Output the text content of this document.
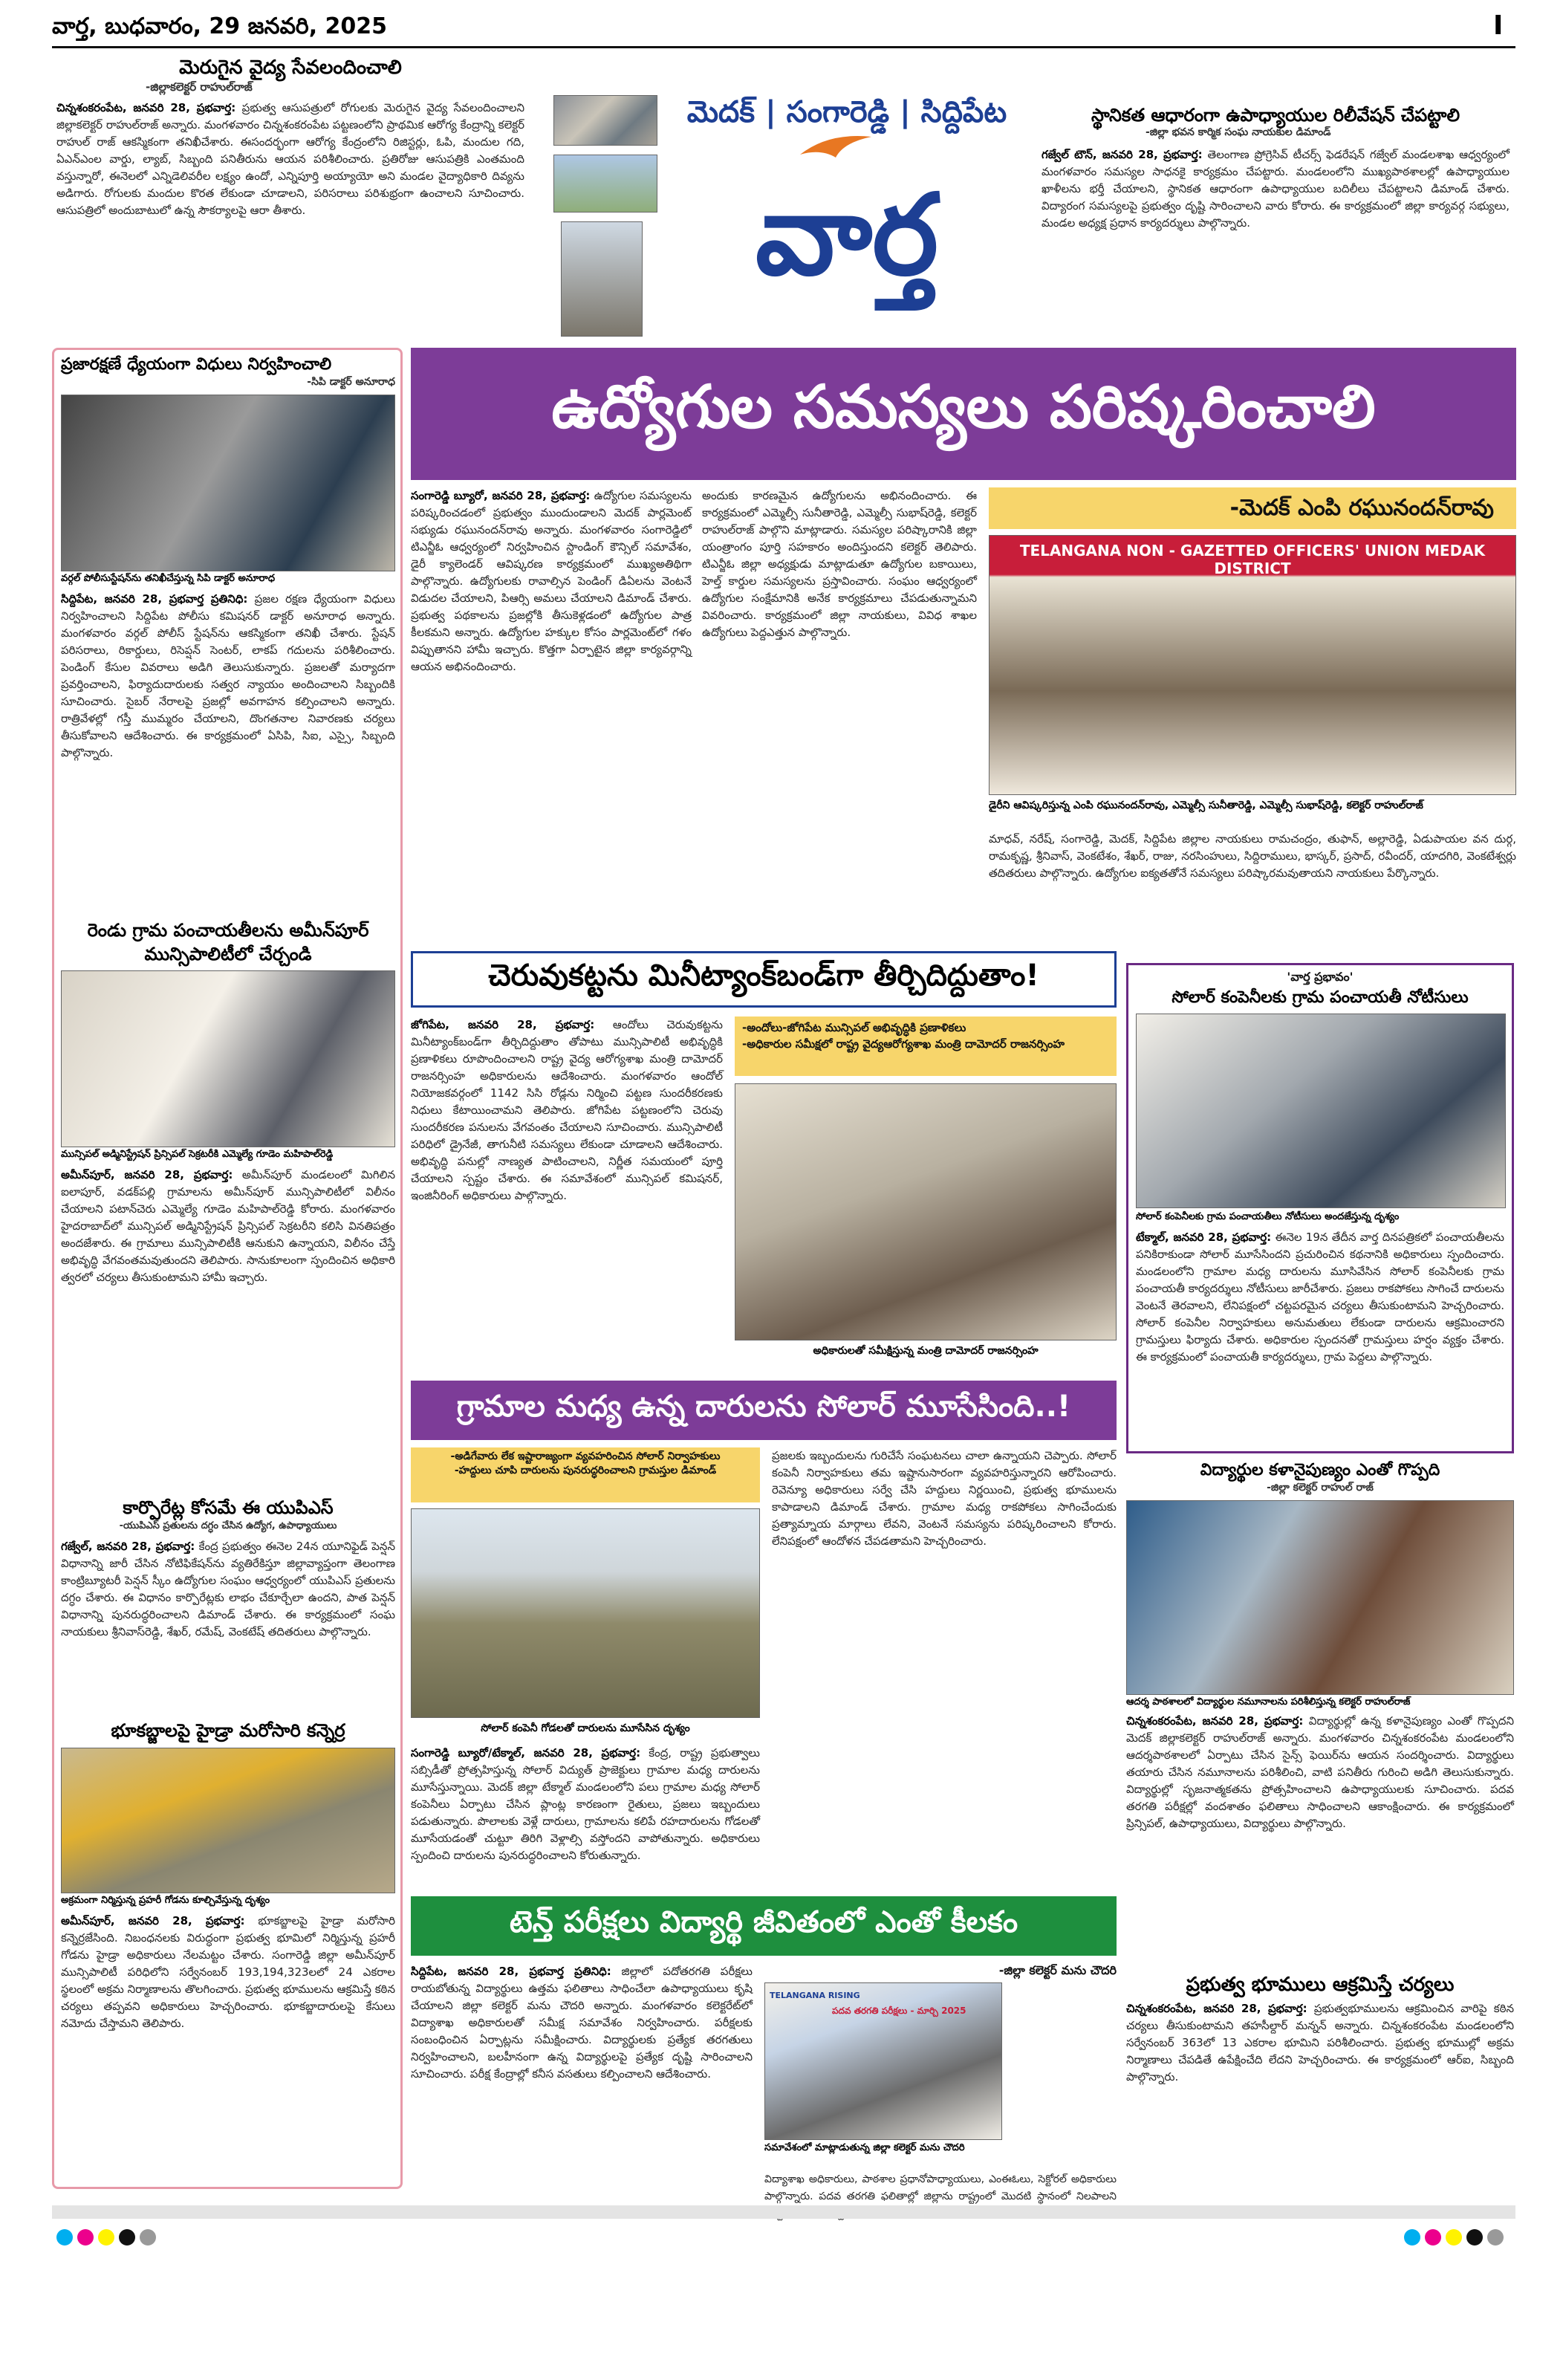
వార్త, బుధవారం, 29 జనవరి, 2025	I
మెరుగైన వైద్య సేవలందించాలి
-జిల్లాకలెక్టర్ రాహుల్‌రాజ్
చిన్నశంకరంపేట, జనవరి 28, ప్రభవార్త: ప్రభుత్వ ఆసుపత్రులో రోగులకు మెరుగైన వైద్య సేవలందించాలని జిల్లాకలెక్టర్ రాహుల్‌రాజ్ అన్నారు. మంగళవారం చిన్నశంకరంపేట పట్టణంలోని ప్రాథమిక ఆరోగ్య కేంద్రాన్ని కలెక్టర్ రాహుల్ రాజ్ ఆకస్మికంగా తనిఖీచేశారు. ఈసందర్భంగా ఆరోగ్య కేంద్రంలోని రిజిస్టర్లు, ఓపి, మందుల గది, ఏఎన్ఎంల వార్డు, ల్యాబ్, సిబ్బంది పనితీరును ఆయన పరిశీలించారు. ప్రతిరోజు ఆసుపత్రికి ఎంతమంది వస్తున్నారో, ఈనెలలో ఎన్నిడెలివరీల లక్ష్యం ఉందో, ఎన్నిపూర్తి అయ్యాయో అని మండల వైద్యాధికారి దివ్యను అడిగారు. రోగులకు మందుల కొరత లేకుండా చూడాలని, పరిసరాలు పరిశుభ్రంగా ఉంచాలని సూచించారు. ఆసుపత్రిలో అందుబాటులో ఉన్న సౌకర్యాలపై ఆరా తీశారు.
మెదక్ | సంగారెడ్డి | సిద్దిపేట
వార్త
స్థానికత ఆధారంగా ఉపాధ్యాయుల రిలీవేషన్ చేపట్టాలి
-జిల్లా భవన కార్మిక సంఘ నాయకుల డిమాండ్
గజ్వేల్ టౌన్, జనవరి 28, ప్రభవార్త: తెలంగాణ ప్రోగ్రెసివ్ టీచర్స్ ఫెడరేషన్ గజ్వేల్ మండలశాఖ ఆధ్వర్యంలో మంగళవారం సమస్యల సాధనకై కార్యక్రమం చేపట్టారు. మండలంలోని ముఖ్యపాఠశాలల్లో ఉపాధ్యాయుల ఖాళీలను భర్తీ చేయాలని, స్థానికత ఆధారంగా ఉపాధ్యాయుల బదిలీలు చేపట్టాలని డిమాండ్ చేశారు. విద్యారంగ సమస్యలపై ప్రభుత్వం దృష్టి సారించాలని వారు కోరారు. ఈ కార్యక్రమంలో జిల్లా కార్యవర్గ సభ్యులు, మండల అధ్యక్ష ప్రధాన కార్యదర్శులు పాల్గొన్నారు.
ప్రజారక్షణే ధ్యేయంగా విధులు నిర్వహించాలి
-సిపి డాక్టర్ అనూరాధ
వర్గల్ పోలీసుస్టేషన్‌ను తనిఖీచేస్తున్న సిపి డాక్టర్ అనూరాధ
సిద్దిపేట, జనవరి 28, ప్రభవార్త ప్రతినిధి: ప్రజల రక్షణ ధ్యేయంగా విధులు నిర్వహించాలని సిద్దిపేట పోలీసు కమిషనర్ డాక్టర్ అనూరాధ అన్నారు. మంగళవారం వర్గల్ పోలీస్ స్టేషన్‌ను ఆకస్మికంగా తనిఖీ చేశారు. స్టేషన్ పరిసరాలు, రికార్డులు, రిసెప్షన్ సెంటర్, లాకప్ గదులను పరిశీలించారు. పెండింగ్ కేసుల వివరాలు అడిగి తెలుసుకున్నారు. ప్రజలతో మర్యాదగా ప్రవర్తించాలని, ఫిర్యాదుదారులకు సత్వర న్యాయం అందించాలని సిబ్బందికి సూచించారు. సైబర్ నేరాలపై ప్రజల్లో అవగాహన కల్పించాలని అన్నారు. రాత్రివేళల్లో గస్తీ ముమ్మరం చేయాలని, దొంగతనాల నివారణకు చర్యలు తీసుకోవాలని ఆదేశించారు. ఈ కార్యక్రమంలో ఏసిపి, సిఐ, ఎస్సై, సిబ్బంది పాల్గొన్నారు.
రెండు గ్రామ పంచాయతీలను అమీన్‌పూర్ మున్సిపాలిటీలో చేర్చండి
మున్సిపల్ అడ్మినిస్ట్రేషన్ ప్రిన్సిపల్ సెక్రటరీకి ఎమ్మెల్యే గూడెం మహిపాల్‌రెడ్డి
అమీన్‌పూర్, జనవరి 28, ప్రభవార్త: అమీన్‌పూర్ మండలంలో మిగిలిన ఐలాపూర్, వడక్‌పల్లి గ్రామాలను అమీన్‌పూర్ మున్సిపాలిటీలో విలీనం చేయాలని పటాన్‌చెరు ఎమ్మెల్యే గూడెం మహిపాల్‌రెడ్డి కోరారు. మంగళవారం హైదరాబాద్‌లో మున్సిపల్ అడ్మినిస్ట్రేషన్ ప్రిన్సిపల్ సెక్రటరీని కలిసి వినతిపత్రం అందజేశారు. ఈ గ్రామాలు మున్సిపాలిటీకి ఆనుకుని ఉన్నాయని, విలీనం చేస్తే అభివృద్ధి వేగవంతమవుతుందని తెలిపారు. సానుకూలంగా స్పందించిన అధికారి త్వరలో చర్యలు తీసుకుంటామని హామీ ఇచ్చారు.
కార్పొరేట్ల కోసమే ఈ యుపిఎస్
-యుపిఎస్ ప్రతులను దగ్ధం చేసిన ఉద్యోగ, ఉపాధ్యాయులు
గజ్వేల్, జనవరి 28, ప్రభవార్త: కేంద్ర ప్రభుత్వం ఈనెల 24న యూనిఫైడ్ పెన్షన్ విధానాన్ని జారీ చేసిన నోటిఫికేషన్‌ను వ్యతిరేకిస్తూ జిల్లావ్యాప్తంగా తెలంగాణ కాంట్రిబ్యూటరీ పెన్షన్ స్కీం ఉద్యోగుల సంఘం ఆధ్వర్యంలో యుపిఎస్ ప్రతులను దగ్ధం చేశారు. ఈ విధానం కార్పొరేట్లకు లాభం చేకూర్చేలా ఉందని, పాత పెన్షన్ విధానాన్ని పునరుద్ధరించాలని డిమాండ్ చేశారు. ఈ కార్యక్రమంలో సంఘ నాయకులు శ్రీనివాస్‌రెడ్డి, శేఖర్, రమేష్, వెంకటేష్ తదితరులు పాల్గొన్నారు.
భూకబ్జాలపై హైడ్రా మరోసారి కన్నెర్ర
అక్రమంగా నిర్మిస్తున్న ప్రహరీ గోడను కూల్చివేస్తున్న దృశ్యం
అమీన్‌పూర్, జనవరి 28, ప్రభవార్త: భూకబ్జాలపై హైడ్రా మరోసారి కన్నెర్రజేసింది. నిబంధనలకు విరుద్ధంగా ప్రభుత్వ భూమిలో నిర్మిస్తున్న ప్రహరీ గోడను హైడ్రా అధికారులు నేలమట్టం చేశారు. సంగారెడ్డి జిల్లా అమీన్‌పూర్ మున్సిపాలిటీ పరిధిలోని సర్వేనంబర్ 193,194,323లలో 24 ఎకరాల స్థలంలో అక్రమ నిర్మాణాలను తొలగించారు. ప్రభుత్వ భూములను ఆక్రమిస్తే కఠిన చర్యలు తప్పవని అధికారులు హెచ్చరించారు. భూకబ్జాదారులపై కేసులు నమోదు చేస్తామని తెలిపారు.
ఉద్యోగుల సమస్యలు పరిష్కరించాలి
సంగారెడ్డి బ్యూరో, జనవరి 28, ప్రభవార్త: ఉద్యోగుల సమస్యలను పరిష్కరించడంలో ప్రభుత్వం ముందుండాలని మెదక్ పార్లమెంట్ సభ్యుడు రఘునందన్‌రావు అన్నారు. మంగళవారం సంగారెడ్డిలో టిఎన్జీఓ ఆధ్వర్యంలో నిర్వహించిన స్టాండింగ్ కౌన్సిల్ సమావేశం, డైరీ క్యాలెండర్ ఆవిష్కరణ కార్యక్రమంలో ముఖ్యఅతిథిగా పాల్గొన్నారు. ఉద్యోగులకు రావాల్సిన పెండింగ్ డిఏలను వెంటనే విడుదల చేయాలని, పిఆర్సి అమలు చేయాలని డిమాండ్ చేశారు. ప్రభుత్వ పథకాలను ప్రజల్లోకి తీసుకెళ్లడంలో ఉద్యోగుల పాత్ర కీలకమని అన్నారు. ఉద్యోగుల హక్కుల కోసం పార్లమెంట్‌లో గళం విప్పుతానని హామీ ఇచ్చారు. కొత్తగా ఏర్పాటైన జిల్లా కార్యవర్గాన్ని ఆయన అభినందించారు.
అందుకు కారణమైన ఉద్యోగులను అభినందించారు. ఈ కార్యక్రమంలో ఎమ్మెల్సీ సునీతారెడ్డి, ఎమ్మెల్సీ సుభాష్‌రెడ్డి, కలెక్టర్ రాహుల్‌రాజ్ పాల్గొని మాట్లాడారు. సమస్యల పరిష్కారానికి జిల్లా యంత్రాంగం పూర్తి సహకారం అందిస్తుందని కలెక్టర్ తెలిపారు. టిఎన్జీఓ జిల్లా అధ్యక్షుడు మాట్లాడుతూ ఉద్యోగుల బకాయిలు, హెల్త్ కార్డుల సమస్యలను ప్రస్తావించారు. సంఘం ఆధ్వర్యంలో ఉద్యోగుల సంక్షేమానికి అనేక కార్యక్రమాలు చేపడుతున్నామని వివరించారు. కార్యక్రమంలో జిల్లా నాయకులు, వివిధ శాఖల ఉద్యోగులు పెద్దఎత్తున పాల్గొన్నారు.
-మెదక్ ఎంపి రఘునందన్‌రావు
TELANGANA NON - GAZETTED OFFICERS' UNION MEDAK DISTRICT
డైరీని ఆవిష్కరిస్తున్న ఎంపి రఘునందన్‌రావు, ఎమ్మెల్సీ సునీతారెడ్డి, ఎమ్మెల్సీ సుభాష్‌రెడ్డి, కలెక్టర్ రాహుల్‌రాజ్
మాధవ్, నరేష్, సంగారెడ్డి, మెదక్, సిద్దిపేట జిల్లాల నాయకులు రామచంద్రం, తుఫాన్, అల్లారెడ్డి, ఏడుపాయల వన దుర్గ, రామకృష్ణ, శ్రీనివాస్, వెంకటేశం, శేఖర్, రాజు, నరసింహులు, సిద్దిరాములు, భాస్కర్, ప్రసాద్, రవీందర్, యాదగిరి, వెంకటేశ్వర్లు తదితరులు పాల్గొన్నారు. ఉద్యోగుల ఐక్యతతోనే సమస్యలు పరిష్కారమవుతాయని నాయకులు పేర్కొన్నారు.
చెరువుకట్టను మినీట్యాంక్‌బండ్‌గా తీర్చిదిద్దుతాం!
జోగిపేట, జనవరి 28, ప్రభవార్త: ఆందోలు చెరువుకట్టను మినీట్యాంక్‌బండ్‌గా తీర్చిదిద్దుతాం తోపాటు మున్సిపాలిటీ అభివృద్ధికి ప్రణాళికలు రూపొందించాలని రాష్ట్ర వైద్య ఆరోగ్యశాఖ మంత్రి దామోదర్ రాజనర్సింహ అధికారులను ఆదేశించారు. మంగళవారం ఆందోల్ నియోజకవర్గంలో 1142 సిసి రోడ్లను నిర్మించి పట్టణ సుందరీకరణకు నిధులు కేటాయించామని తెలిపారు. జోగిపేట పట్టణంలోని చెరువు సుందరీకరణ పనులను వేగవంతం చేయాలని సూచించారు. మున్సిపాలిటీ పరిధిలో డ్రైనేజీ, తాగునీటి సమస్యలు లేకుండా చూడాలని ఆదేశించారు. అభివృద్ధి పనుల్లో నాణ్యత పాటించాలని, నిర్ణీత సమయంలో పూర్తి చేయాలని స్పష్టం చేశారు. ఈ సమావేశంలో మున్సిపల్ కమిషనర్, ఇంజినీరింగ్ అధికారులు పాల్గొన్నారు.
-అందోలు-జోగిపేట మున్సిపల్ అభివృద్ధికి ప్రణాళికలు
-అధికారుల సమీక్షలో రాష్ట్ర వైద్యఆరోగ్యశాఖ మంత్రి దామోదర్ రాజనర్సింహ
అధికారులతో సమీక్షిస్తున్న మంత్రి దామోదర్ రాజనర్సింహ
'వార్త ప్రభావం'
సోలార్ కంపెనీలకు గ్రామ పంచాయతీ నోటీసులు
సోలార్ కంపెనీలకు గ్రామ పంచాయతీలు నోటీసులు అందజేస్తున్న దృశ్యం
టేక్మాల్, జనవరి 28, ప్రభవార్త: ఈనెల 19న తేదీన వార్త దినపత్రికలో పంచాయతీలను పనికిరాకుండా సోలార్ మూసేసిందని ప్రచురించిన కథనానికి అధికారులు స్పందించారు. మండలంలోని గ్రామాల మధ్య దారులను మూసివేసిన సోలార్ కంపెనీలకు గ్రామ పంచాయతీ కార్యదర్శులు నోటీసులు జారీచేశారు. ప్రజలు రాకపోకలు సాగించే దారులను వెంటనే తెరవాలని, లేనిపక్షంలో చట్టపరమైన చర్యలు తీసుకుంటామని హెచ్చరించారు. సోలార్ కంపెనీల నిర్వాహకులు అనుమతులు లేకుండా దారులను ఆక్రమించారని గ్రామస్తులు ఫిర్యాదు చేశారు. అధికారుల స్పందనతో గ్రామస్తులు హర్షం వ్యక్తం చేశారు. ఈ కార్యక్రమంలో పంచాయతీ కార్యదర్శులు, గ్రామ పెద్దలు పాల్గొన్నారు.
గ్రామాల మధ్య ఉన్న దారులను సోలార్ మూసేసింది..!
-అడిగేవారు లేక ఇష్టారాజ్యంగా వ్యవహరించిన సోలార్ నిర్వాహకులు
-హద్దులు చూపి దారులను పునరుద్ధరించాలని గ్రామస్తుల డిమాండ్
సోలార్ కంపెనీ గోడలతో దారులను మూసేసిన దృశ్యం
సంగారెడ్డి బ్యూరో/టేక్మాల్, జనవరి 28, ప్రభవార్త: కేంద్ర, రాష్ట్ర ప్రభుత్వాలు సబ్సిడీతో ప్రోత్సహిస్తున్న సోలార్ విద్యుత్ ప్రాజెక్టులు గ్రామాల మధ్య దారులను మూసేస్తున్నాయి. మెదక్ జిల్లా టేక్మాల్ మండలంలోని పలు గ్రామాల మధ్య సోలార్ కంపెనీలు ఏర్పాటు చేసిన ప్లాంట్ల కారణంగా రైతులు, ప్రజలు ఇబ్బందులు పడుతున్నారు. పొలాలకు వెళ్లే దారులు, గ్రామాలను కలిపే రహదారులను గోడలతో మూసేయడంతో చుట్టూ తిరిగి వెళ్లాల్సి వస్తోందని వాపోతున్నారు. అధికారులు స్పందించి దారులను పునరుద్ధరించాలని కోరుతున్నారు.
ప్రజలకు ఇబ్బందులను గురిచేసే సంఘటనలు చాలా ఉన్నాయని చెప్పారు. సోలార్ కంపెనీ నిర్వాహకులు తమ ఇష్టానుసారంగా వ్యవహరిస్తున్నారని ఆరోపించారు. రెవెన్యూ అధికారులు సర్వే చేసి హద్దులు నిర్ణయించి, ప్రభుత్వ భూములను కాపాడాలని డిమాండ్ చేశారు. గ్రామాల మధ్య రాకపోకలు సాగించేందుకు ప్రత్యామ్నాయ మార్గాలు లేవని, వెంటనే సమస్యను పరిష్కరించాలని కోరారు. లేనిపక్షంలో ఆందోళన చేపడతామని హెచ్చరించారు.
విద్యార్థుల కళానైపుణ్యం ఎంతో గొప్పది
-జిల్లా కలెక్టర్ రాహుల్ రాజ్
ఆదర్శ పాఠశాలలో విద్యార్థుల నమూనాలను పరిశీలిస్తున్న కలెక్టర్ రాహుల్‌రాజ్
చిన్నశంకరంపేట, జనవరి 28, ప్రభవార్త: విద్యార్థుల్లో ఉన్న కళానైపుణ్యం ఎంతో గొప్పదని మెదక్ జిల్లాకలెక్టర్ రాహుల్‌రాజ్ అన్నారు. మంగళవారం చిన్నశంకరంపేట మండలంలోని ఆదర్శపాఠశాలలో ఏర్పాటు చేసిన సైన్స్ ఫెయిర్‌ను ఆయన సందర్శించారు. విద్యార్థులు తయారు చేసిన నమూనాలను పరిశీలించి, వాటి పనితీరు గురించి అడిగి తెలుసుకున్నారు. విద్యార్థుల్లో సృజనాత్మకతను ప్రోత్సహించాలని ఉపాధ్యాయులకు సూచించారు. పదవ తరగతి పరీక్షల్లో వందశాతం ఫలితాలు సాధించాలని ఆకాంక్షించారు. ఈ కార్యక్రమంలో ప్రిన్సిపల్, ఉపాధ్యాయులు, విద్యార్థులు పాల్గొన్నారు.
ప్రభుత్వ భూములు ఆక్రమిస్తే చర్యలు
చిన్నశంకరంపేట, జనవరి 28, ప్రభవార్త: ప్రభుత్వభూములను ఆక్రమించిన వారిపై కఠిన చర్యలు తీసుకుంటామని తహసీల్దార్ మన్నన్ అన్నారు. చిన్నశంకరంపేట మండలంలోని సర్వేనంబర్ 363లో 13 ఎకరాల భూమిని పరిశీలించారు. ప్రభుత్వ భూముల్లో అక్రమ నిర్మాణాలు చేపడితే ఉపేక్షించేది లేదని హెచ్చరించారు. ఈ కార్యక్రమంలో ఆర్ఐ, సిబ్బంది పాల్గొన్నారు.
టెన్త్ పరీక్షలు విద్యార్థి జీవితంలో ఎంతో కీలకం
సిద్దిపేట, జనవరి 28, ప్రభవార్త ప్రతినిధి: జిల్లాలో పదోతరగతి పరీక్షలు రాయబోతున్న విద్యార్థులు ఉత్తమ ఫలితాలు సాధించేలా ఉపాధ్యాయులు కృషి చేయాలని జిల్లా కలెక్టర్ మను చౌదరి అన్నారు. మంగళవారం కలెక్టరేట్‌లో విద్యాశాఖ అధికారులతో సమీక్ష సమావేశం నిర్వహించారు. పరీక్షలకు సంబంధించిన ఏర్పాట్లను సమీక్షించారు. విద్యార్థులకు ప్రత్యేక తరగతులు నిర్వహించాలని, బలహీనంగా ఉన్న విద్యార్థులపై ప్రత్యేక దృష్టి సారించాలని సూచించారు. పరీక్ష కేంద్రాల్లో కనీస వసతులు కల్పించాలని ఆదేశించారు.
-జిల్లా కలెక్టర్ మను చౌదరి
TELANGANA RISING
పదవ తరగతి పరీక్షలు - మార్చి 2025
సమావేశంలో మాట్లాడుతున్న జిల్లా కలెక్టర్ మను చౌదరి
విద్యాశాఖ అధికారులు, పాఠశాల ప్రధానోపాధ్యాయులు, ఎంఈఓలు, సెక్టోరల్ అధికారులు పాల్గొన్నారు. పదవ తరగతి ఫలితాల్లో జిల్లాను రాష్ట్రంలో మొదటి స్థానంలో నిలపాలని
